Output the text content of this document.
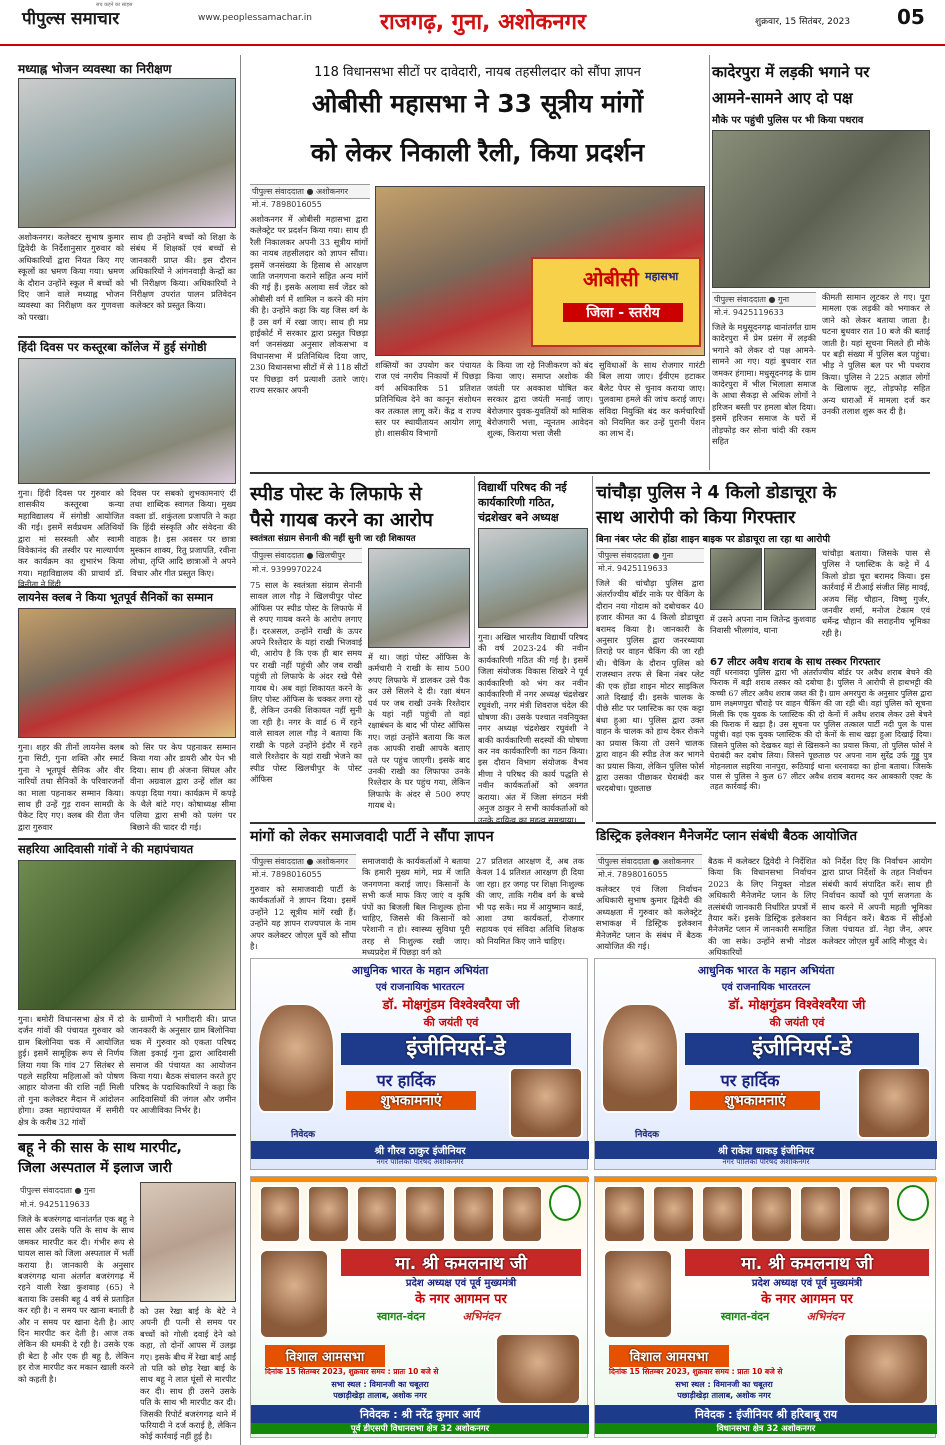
पीपुल्स समाचार
सच कहने का साहस
www.peoplessamachar.in	राजगढ़, गुना, अशोकनगर	शुक्रवार, 15 सितंबर, 2023 05
मध्याह्न भोजन व्यवस्था का निरीक्षण
अशोकनगर। कलेक्टर सुभाष कुमार द्विवेदी के निर्देशानुसार गुरुवार को अधिकारियों द्वारा नियत किए गए स्कूलों का भ्रमण किया गया। भ्रमण के दौरान उन्होंने स्कूल में बच्चों को दिए जाने वाले मध्याह्न भोजन व्यवस्था का निरीक्षण कर गुणवत्ता को परखा।
साथ ही उन्होंने बच्चों को शिक्षा के संबंध में शिक्षकों एवं बच्चों से जानकारी प्राप्त की। इस दौरान अधिकारियों ने आंगनवाड़ी केन्द्रों का भी निरीक्षण किया। अधिकारियों ने निरीक्षण उपरांत पालन प्रतिवेदन कलेक्टर को प्रस्तुत किया।
हिंदी दिवस पर कस्तूरबा कॉलेज में हुई संगोष्ठी
गुना। हिंदी दिवस पर गुरुवार को शासकीय कस्तूरबा कन्या महाविद्यालय में संगोष्ठी आयोजित की गई। इसमें सर्वप्रथम अतिथियों द्वारा मां सरस्वती और स्वामी विवेकानंद की तस्वीर पर माल्यार्पण कर कार्यक्रम का शुभारंभ किया गया। महाविद्यालय की प्राचार्य डॉ. विनीता ने हिंदी
दिवस पर सबको शुभकामनाएं दीं तथा शाब्दिक स्वागत किया। मुख्य वक्ता डॉ. शकुंतला प्रजापति ने कहा कि हिंदी संस्कृति और संवेदना की वाहक है। इस अवसर पर छात्रा मुस्कान शाक्य, रितु प्रजापति, रवीना लोधा, तृप्ति आदि छात्राओं ने अपने विचार और गीत प्रस्तुत किए।
लायनेस क्लब ने किया भूतपूर्व सैनिकों का सम्मान
गुना। शहर की तीनों लायनेस क्लब गुना सिटी, गुना शक्ति और स्मार्ट गुना ने भूतपूर्व सैनिक और वीर नारियों तथा सैनिकों के परिवारजनों का माला पहनाकर सम्मान किया। साथ ही उन्हें गुड़ रावन सामग्री के पैकेट दिए गए। क्लब की रीता जैन द्वारा गुरुवार
को सिर पर केप पहनाकर सम्मान किया गया और डायरी और पेन भी दिया। साथ ही अंजना सिंघल और वीना अग्रवाल द्वारा उन्हें शॉल का कपड़ा दिया गया। कार्यक्रम में कपड़े के थैले बांटे गए। कोषाध्यक्ष सीमा पलिया द्वारा सभी को पलंग पर बिछाने की चादर दी गई।
सहरिया आदिवासी गांवों ने की महापंचायत
गुना। बमोरी विधानसभा क्षेत्र में दो दर्जन गांवों की पंचायत गुरुवार को ग्राम बिलोनिया चक में आयोजित हुई। इसमें सामूहिक रूप से निर्णय लिया गया कि गांव 27 सितंबर से पहले सहरिया महिलाओं को पोषण आहार योजना की राशि नहीं मिली तो गुना कलेक्टर मैदान में आंदोलन होगा। उक्त महापंचायत में समीरी क्षेत्र के करीब 32 गांवों
के ग्रामीणों ने भागीदारी की। प्राप्त जानकारी के अनुसार ग्राम बिलोनिया चक में गुरुवार को एकता परिषद जिला इकाई गुना द्वारा आदिवासी समाज की पंचायत का आयोजन किया गया। बैठक संचालन करते हुए परिषद के पदाधिकारियों ने कहा कि आदिवासियों की जंगल और जमीन पर आजीविका निर्भर है।
बहू ने की सास के साथ मारपीट,
जिला अस्पताल में इलाज जारी
पीपुल्स संवाददाता ● गुना
मो.नं. 9425119633
जिले के बजरंगगढ़ थानांतर्गत एक बहू ने सास और उसके पति के साथ के साथ जमकर मारपीट कर दी। गंभीर रूप से घायल सास को जिला अस्पताल में भर्ती कराया है। जानकारी के अनुसार बजरंगगढ़ थाना अंतर्गत बजरंगगढ़ में रहने वाली रेखा कुशवाह (65) ने बताया कि उसकी बहू 4 वर्ष से प्रताड़ित कर रही है। न समय पर खाना बनाती है और न समय पर खाना देती है। आए दिन मारपीट कर देती है। आज तक लेकिन की धमकी दे रही है। उसके एक ही बेटा है और एक ही बहू है, लेकिन हर रोज मारपीट कर मकान खाली करने को कहती है।
को उस रेखा बाई के बेटे ने अपनी ही पत्नी से समय पर बच्चों को गोली दवाई देने को कहा, तो दोनों आपस में उलझ गए। इसके बीच में रेखा बाई आईं तो पति को छोड़ रेखा बाई के साथ बहू ने लात घूंसों से मारपीट कर दी। साथ ही उसने उसके पति के साथ भी मारपीट कर दी। जिसकी रिपोर्ट बजरंगगढ़ थाने में फरियादी ने दर्ज कराई है, लेकिन कोई कार्रवाई नहीं हुई है।
118 विधानसभा सीटों पर दावेदारी, नायब तहसीलदार को सौंपा ज्ञापन
ओबीसी महासभा ने 33 सूत्रीय मांगों
को लेकर निकाली रैली, किया प्रदर्शन
पीपुल्स संवाददाता ● अशोकनगर
मो.नं. 7898016055
अशोकनगर में ओबीसी महासभा द्वारा कलेक्ट्रेट पर प्रदर्शन किया गया। साथ ही रैली निकालकर अपनी 33 सूत्रीय मांगों का नायब तहसीलदार को ज्ञापन सौंपा। इसमें जनसंख्या के हिसाब से आरक्षण जाति जनगणना कराने सहित अन्य मांगें की गई हैं। इसके अलावा सर्व जेंडर को ओबीसी वर्ग में शामिल न करने की मांग की है। उन्होंने कहा कि यह जिस वर्ग के हैं उस वर्ग में रखा जाए। साथ ही मप्र हाईकोर्ट में सरकार द्वारा प्रस्तुत पिछड़ा वर्ग जनसंख्या अनुसार लोकसभा व विधानसभा में प्रतिनिधित्व दिया जाए, 230 विधानसभा सीटों में से 118 सीटों पर पिछड़ा वर्ग प्रत्याशी उतारे जाएं। राज्य सरकार अपनी
ओबीसी महासभा
जिला - स्तरीय
शक्तियों का उपयोग कर पंचायत राज एवं नगरीय निकायों में पिछड़ा वर्ग अधिकारिक 51 प्रतिशत प्रतिनिधित्व देने का कानून संशोधन कर तत्काल लागू करें। केंद्र व राज्य स्तर पर स्थायीतायन आयोग लागू हो। शासकीय विभागों
के किया जा रहे निजीकरण को बंद किया जाए। समाप्त अशोक की जयंती पर अवकाश घोषित कर सरकार द्वारा जयंती मनाई जाए। बेरोजगार युवक-युवतियों को मासिक बेरोजगारी भत्ता, न्यूनतम आवेदन शुल्क, किराया भत्ता जैसी
सुविधाओं के साथ रोजगार गारंटी बिल लाया जाए। ईवीएम हटाकर बैलेट पेपर से चुनाव कराया जाए। पुलवामा हमले की जांच कराई जाए। संविदा नियुक्ति बंद कर कर्मचारियों को नियमित कर उन्हें पुरानी पेंशन का लाभ दें।
स्पीड पोस्ट के लिफाफे से
पैसे गायब करने का आरोप
स्वतंत्रता संग्राम सेनानी की नहीं सुनी जा रही शिकायत
पीपुल्स संवाददाता ● खिलचीपुर
मो.नं. 9399970224
75 साल के स्वतंत्रता संग्राम सेनानी सावल लाल गौड़ ने खिलचीपुर पोस्ट ऑफिस पर स्पीड पोस्ट के लिफाफे में से रुपए गायब करने के आरोप लगाए हैं। दरअसल, उन्होंने राखी के ऊपर अपने रिश्तेदार के यहां राखी भिजवाई थी, आरोप है कि एक ही बार समय पर राखी नहीं पहुंची और जब राखी पहुंची तो लिफाफे के अंदर रखे पैसे गायब थे। अब वहां शिकायत करने के लिए पोस्ट ऑफिस के चक्कर लगा रहे हैं, लेकिन उनकी शिकायत नहीं सुनी जा रही है। नगर के वार्ड 6 में रहने वाले सावल लाल गौड़ ने बताया कि राखी के पहले उन्होंने इंदौर में रहने वाले रिश्तेदार के यहां राखी भेजने का स्पीड पोस्ट खिलचीपुर के पोस्ट ऑफिस
में था। जहां पोस्ट ऑफिस के कर्मचारी ने राखी के साथ 500 रुपए लिफाफे में डालकर उसे पैक कर उसे सिलने दे दी। रक्षा बंधन पर्व पर जब राखी उनके रिश्तेदार के यहां नहीं पहुंची तो वहां रक्षाबंधन के बाद भी पोस्ट ऑफिस गए। जहां उन्होंने बताया कि कल तक आपकी राखी आपके बताए पते पर पहुंच जाएगी। इसके बाद उनकी राखी का लिफाफा उनके रिश्तेदार के घर पहुंच गया, लेकिन लिफाफे के अंदर से 500 रुपए गायब थे।
विद्यार्थी परिषद की नई
कार्यकारिणी गठित,
चंद्रशेखर बने अध्यक्ष
गुना। अखिल भारतीय विद्यार्थी परिषद की वर्ष 2023-24 की नवीन कार्यकारिणी गठित की गई है। इसमें जिला संयोजक विकास शिखरे ने पूर्व कार्यकारिणी को भंग कर नवीन कार्यकारिणी में नगर अध्यक्ष चंद्रशेखर रघुवंशी, नगर मंत्री शिवराज चंदेल की घोषणा की। उसके पश्चात नवनियुक्त नगर अध्यक्ष चंद्रशेखर रघुवंशी ने बाकी कार्यकारिणी सदस्यों की घोषणा कर नव कार्यकारिणी का गठन किया। इस दौरान विभाग संयोजक वैभव मीणा ने परिषद की कार्य पद्धति से नवीन कार्यकर्ताओं को अवगत कराया। अंत में जिला संगठन मंत्री अनुज ठाकुर ने सभी कार्यकर्ताओं को उनके दायित्व का महत्व समझाया।
मांगों को लेकर समाजवादी पार्टी ने सौंपा ज्ञापन
पीपुल्स संवाददाता ● अशोकनगर
मो.नं. 7898016055
गुरुवार को समाजवादी पार्टी के कार्यकर्ताओं ने ज्ञापन दिया। इसमें उन्होंने 12 सूत्रीय मांगें रखी हैं। उन्होंने यह ज्ञापन राज्यपाल के नाम अपर कलेक्टर जोएल धुर्वे को सौंपा है।
समाजवादी के कार्यकर्ताओं ने बताया कि हमारी मुख्य मांगे, मप्र में जाति जनगणना कराई जाए। किसानों के सभी कर्ज माफ किए जाएं व कृषि पंपों का बिजली बिल निःशुल्क होना चाहिए, जिससे की किसानों को परेशानी न हो। स्वास्थ्य सुविधा पूरी तरह से निःशुल्क रखी जाए। मध्यप्रदेश में पिछड़ा वर्ग को
27 प्रतिशत आरक्षण दें, अब तक केवल 14 प्रतिशत आरक्षण ही दिया जा रहा। हर जगह पर शिक्षा निःशुल्क की जाए, ताकि गरीब वर्ग के बच्चे भी पढ़ सकें। मप्र में आयुष्मान कार्ड, आशा उषा कार्यकर्ता, रोजगार सहायक एवं संविदा अतिथि शिक्षक को नियमित किए जाने चाहिए।
कादेरपुरा में लड़की भगाने पर
आमने-सामने आए दो पक्ष
मौके पर पहुंची पुलिस पर भी किया पथराव
पीपुल्स संवाददाता ● गुना
मो.नं. 9425119633
जिले के मधुसूदनगढ़ थानांतर्गत ग्राम कादेरपुरा में प्रेम प्रसंग में लड़की भगाने को लेकर दो पक्ष आमने-सामने आ गए। यहां बुधवार रात जमकर हंगामा। मधुसूदनगढ़ के ग्राम कादेरपुरा में भील भिलाला समाज के आधा सैकड़ा से अधिक लोगों ने हरिजन बस्ती पर हमला बोल दिया। इसमें हरिजन समाज के घरों में तोड़फोड़ कर सोना चांदी की रकम सहित
कीमती सामान लूटकर ले गए। पूरा मामला एक लड़की को भगाकर ले जाने को लेकर बताया जाता है। घटना बुधवार रात 10 बजे की बताई जाती है। यहां सूचना मिलते ही मौके पर बड़ी संख्या में पुलिस बल पहुंचा। भीड़ ने पुलिस बल पर भी पथराव किया। पुलिस ने 225 अज्ञात लोगों के खिलाफ लूट, तोड़फोड़ सहित अन्य धाराओं में मामला दर्ज कर उनकी तलाश शुरू कर दी है।
चांचौड़ा पुलिस ने 4 किलो डोडाचूरा के
साथ आरोपी को किया गिरफ्तार
बिना नंबर प्लेट की होंडा शाइन बाइक पर डोडाचूरा ला रहा था आरोपी
पीपुल्स संवाददाता ● गुना
मो.नं. 9425119633
जिले की चांचौड़ा पुलिस द्वारा अंतर्राज्यीय बॉर्डर नाके पर चैकिंग के दौरान नया गोदाम को दबोचकर 40 हजार कीमत का 4 किलो डोडाचूरा बरामद किया है। जानकारी के अनुसार पुलिस द्वारा जनरथ्याया तिराहे पर वाहन चैकिंग की जा रही थी। चैकिंग के दौरान पुलिस को राजस्थान तरफ से बिना नंबर प्लेट की एक होंडा शाइन मोटर साइकिल आते दिखाई दी। इसके चालक के पीछे सीट पर प्लास्टिक का एक कट्टा बंधा हुआ था। पुलिस द्वारा उक्त वाहन के चालक को हाथ देकर रोकने का प्रयास किया तो उसने चालक द्वारा वाहन की स्पीड तेज कर भागने का प्रयास किया, लेकिन पुलिस फोर्स द्वारा उसका पीछाकर घेराबंदी कर धरदबोचा। पूछताछ
में उसने अपना नाम जितेन्द्र कुशवाह निवासी भीलगांव, थाना
चांचौड़ा बताया। जिसके पास से पुलिस ने प्लास्टिक के कट्टे में 4 किलो डोडा चूरा बरामद किया। इस कार्रवाई में टीआई संजीत सिंह मावई, अजय सिंह चौहान, विष्णु गुर्जर, जनवीर शर्मा, मनोज टेकाम एवं धर्मेन्द्र चौहान की सराहनीय भूमिका रही है।
67 लीटर अवैध शराब के साथ तस्कर गिरफ्तार
वहीं धरनावदा पुलिस द्वारा भी अंतर्राज्यीय बॉर्डर पर अवैध शराब बेचने की फिराक में बड़ी शराब तस्कर को दबोचा है। पुलिस ने आरोपी से हाथभट्टी की कच्ची 67 लीटर अवैध शराब जब्त की है। ग्राम अमरपुरा के अनुसार पुलिस द्वारा ग्राम लक्ष्मणपुरा चौराहे पर वाहन चैकिंग की जा रही थी। वहां पुलिस को सूचना मिली कि एक युवक के प्लास्टिक की दो केनों में अवैध शराब लेकर उसे बेचने की फिराक में खड़ा है। उस सूचना पर पुलिस तत्काल पार्टी नदी पुल के पास पहुंची। वहां एक युवक प्लास्टिक की दो केनों के साथ खड़ा हुआ दिखाई दिया। जिसने पुलिस को देखकर वहां से खिसकने का प्रयास किया, तो पुलिस फोर्स ने घेराबंदी कर दबोच लिया। जिसने पूछताछ पर अपना नाम सुरेंद्र उर्फ गुड्डू पुत्र मोहनलाल सहरिया नानपुरा, रूठियाई थाना धरनावदा का होना बताया। जिसके पास से पुलिस ने कुल 67 लीटर अवैध शराब बरामद कर आबकारी एक्ट के तहत कार्रवाई की।
डिस्ट्रिक इलेक्शन मैनेजमेंट प्लान संबंधी बैठक आयोजित
पीपुल्स संवाददाता ● अशोकनगर
मो.नं. 7898016055
कलेक्टर एवं जिला निर्वाचन अधिकारी सुभाष कुमार द्विवेदी की अध्यक्षता में गुरुवार को कलेक्ट्रेट सभाकक्ष में डिस्ट्रिक इलेक्शन मैनेजमेंट प्लान के संबंध में बैठक आयोजित की गई।
बैठक में कलेक्टर द्विवेदी ने निर्देशित किया कि विधानसभा निर्वाचन 2023 के लिए नियुक्त नोडल अधिकारी मैनेजमेंट प्लान के लिए तत्संबंधी जानकारी निर्धारित प्रपत्रों में तैयार करें। इसके डिस्ट्रिक इलेक्शन मैनेजमेंट प्लान में जानकारी समाहित की जा सके। उन्होंने सभी नोडल अधिकारियों
को निर्देश दिए कि निर्वाचन आयोग द्वारा प्राप्त निर्देशों के तहत निर्वाचन संबंधी कार्य संपादित करें। साथ ही निर्वाचन कार्यों को पूर्ण सजगता के साथ करने में अपनी महती भूमिका का निर्वहन करें। बैठक में सीईओ जिला पंचायत डॉ. नेहा जैन, अपर कलेक्टर जोएल धुर्वे आदि मौजूद थे।
आधुनिक भारत के महान अभियंता
एवं राजनायिक भारतरत्न
डॉ. मोक्षगुंडम विश्वेश्वरैया जी
की जयंती एवं
इंजीनियर्स-डे
पर हार्दिक
शुभकामनाएं
निवेदक
श्री गौरव ठाकुर इंजीनियर
नगर पालिका परिषद अशोकनगर
आधुनिक भारत के महान अभियंता
एवं राजनायिक भारतरत्न
डॉ. मोक्षगुंडम विश्वेश्वरैया जी
की जयंती एवं
इंजीनियर्स-डे
पर हार्दिक
शुभकामनाएं
निवेदक
श्री राकेश धाकड़ इंजीनियर
नगर पालिका परिषद अशोकनगर
मा. श्री कमलनाथ जी
प्रदेश अध्यक्ष एवं पूर्व मुख्यमंत्री
के नगर आगमन पर
स्वागत-वंदन	अभिनंदन
विशाल आमसभा
दिनांक 15 सितम्बर 2023, शुक्रवार समय : प्रातः 10 बजे से
सभा स्थल : विमानजी का चबूतरा
पछाड़ीखेड़ा तालाब, अशोक नगर
निवेदक : श्री नरेंद्र कुमार आर्य
पूर्व डीएसपी विधानसभा क्षेत्र 32 अशोकनगर
मा. श्री कमलनाथ जी
प्रदेश अध्यक्ष एवं पूर्व मुख्यमंत्री
के नगर आगमन पर
स्वागत-वंदन	अभिनंदन
विशाल आमसभा
दिनांक 15 सितम्बर 2023, शुक्रवार समय : प्रातः 10 बजे से
सभा स्थल : विमानजी का चबूतरा
पछाड़ीखेड़ा तालाब, अशोक नगर
निवेदक : इंजीनियर श्री हरिबाबू राय
विधानसभा क्षेत्र 32 अशोकनगर
